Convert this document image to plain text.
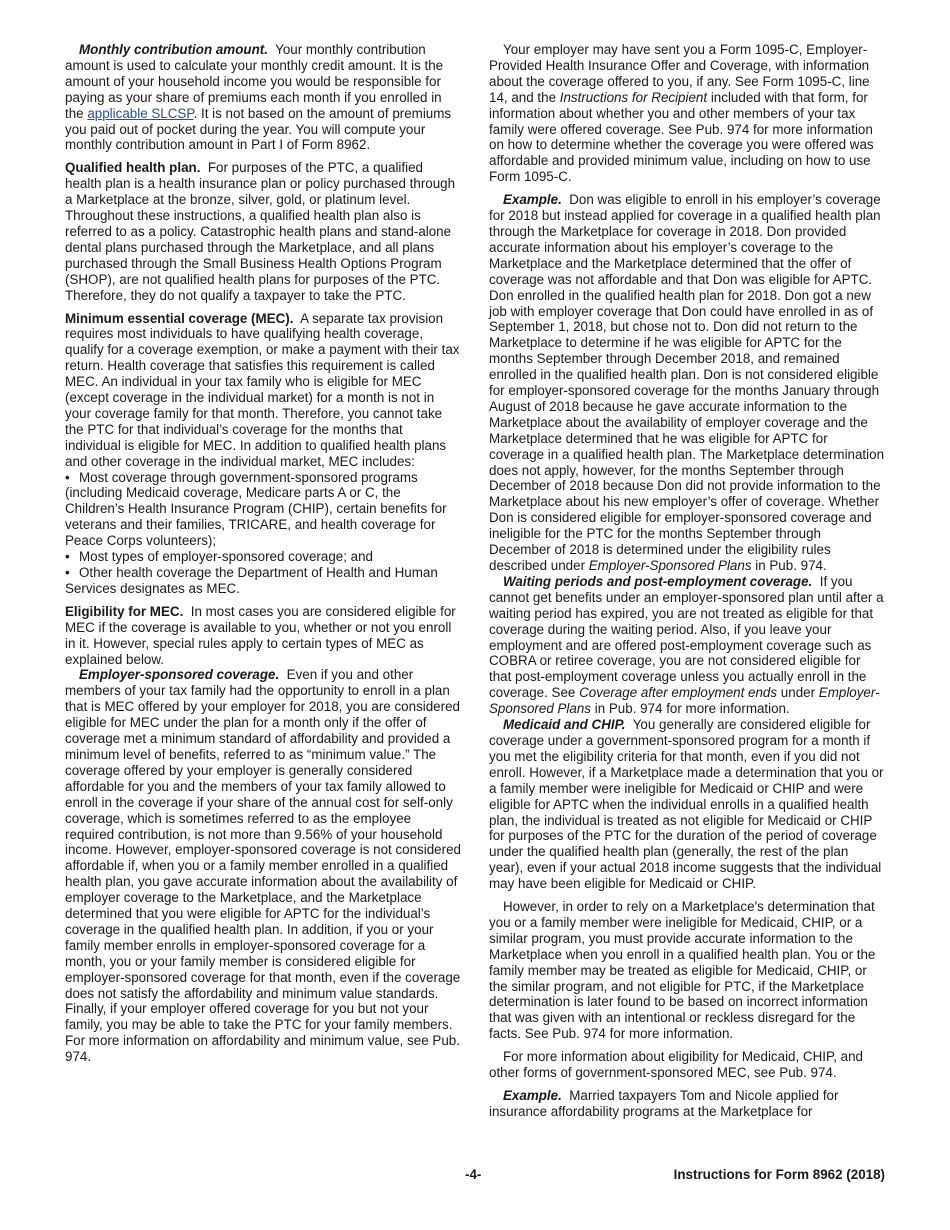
Monthly contribution amount. Your monthly contribution amount is used to calculate your monthly credit amount. It is the amount of your household income you would be responsible for paying as your share of premiums each month if you enrolled in the applicable SLCSP. It is not based on the amount of premiums you paid out of pocket during the year. You will compute your monthly contribution amount in Part I of Form 8962.

Qualified health plan. For purposes of the PTC, a qualified health plan is a health insurance plan or policy purchased through a Marketplace at the bronze, silver, gold, or platinum level. Throughout these instructions, a qualified health plan also is referred to as a policy. Catastrophic health plans and stand-alone dental plans purchased through the Marketplace, and all plans purchased through the Small Business Health Options Program (SHOP), are not qualified health plans for purposes of the PTC. Therefore, they do not qualify a taxpayer to take the PTC.

Minimum essential coverage (MEC). A separate tax provision requires most individuals to have qualifying health coverage, qualify for a coverage exemption, or make a payment with their tax return. Health coverage that satisfies this requirement is called MEC. An individual in your tax family who is eligible for MEC (except coverage in the individual market) for a month is not in your coverage family for that month. Therefore, you cannot take the PTC for that individual’s coverage for the months that individual is eligible for MEC. In addition to qualified health plans and other coverage in the individual market, MEC includes:

• Most coverage through government-sponsored programs (including Medicaid coverage, Medicare parts A or C, the Children’s Health Insurance Program (CHIP), certain benefits for veterans and their families, TRICARE, and health coverage for Peace Corps volunteers);
• Most types of employer-sponsored coverage; and
• Other health coverage the Department of Health and Human Services designates as MEC.

Eligibility for MEC. In most cases you are considered eligible for MEC if the coverage is available to you, whether or not you enroll in it. However, special rules apply to certain types of MEC as explained below.

Employer-sponsored coverage. Even if you and other members of your tax family had the opportunity to enroll in a plan that is MEC offered by your employer for 2018, you are considered eligible for MEC under the plan for a month only if the offer of coverage met a minimum standard of affordability and provided a minimum level of benefits, referred to as “minimum value.” The coverage offered by your employer is generally considered affordable for you and the members of your tax family allowed to enroll in the coverage if your share of the annual cost for self-only coverage, which is sometimes referred to as the employee required contribution, is not more than 9.56% of your household income. However, employer-sponsored coverage is not considered affordable if, when you or a family member enrolled in a qualified health plan, you gave accurate information about the availability of employer coverage to the Marketplace, and the Marketplace determined that you were eligible for APTC for the individual’s coverage in the qualified health plan. In addition, if you or your family member enrolls in employer-sponsored coverage for a month, you or your family member is considered eligible for employer-sponsored coverage for that month, even if the coverage does not satisfy the affordability and minimum value standards. Finally, if your employer offered coverage for you but not your family, you may be able to take the PTC for your family members. For more information on affordability and minimum value, see Pub. 974.

Your employer may have sent you a Form 1095-C, Employer-Provided Health Insurance Offer and Coverage, with information about the coverage offered to you, if any. See Form 1095-C, line 14, and the Instructions for Recipient included with that form, for information about whether you and other members of your tax family were offered coverage. See Pub. 974 for more information on how to determine whether the coverage you were offered was affordable and provided minimum value, including on how to use Form 1095-C.

Example. Don was eligible to enroll in his employer’s coverage for 2018 but instead applied for coverage in a qualified health plan through the Marketplace for coverage in 2018. Don provided accurate information about his employer’s coverage to the Marketplace and the Marketplace determined that the offer of coverage was not affordable and that Don was eligible for APTC. Don enrolled in the qualified health plan for 2018. Don got a new job with employer coverage that Don could have enrolled in as of September 1, 2018, but chose not to. Don did not return to the Marketplace to determine if he was eligible for APTC for the months September through December 2018, and remained enrolled in the qualified health plan. Don is not considered eligible for employer-sponsored coverage for the months January through August of 2018 because he gave accurate information to the Marketplace about the availability of employer coverage and the Marketplace determined that he was eligible for APTC for coverage in a qualified health plan. The Marketplace determination does not apply, however, for the months September through December of 2018 because Don did not provide information to the Marketplace about his new employer’s offer of coverage. Whether Don is considered eligible for employer-sponsored coverage and ineligible for the PTC for the months September through December of 2018 is determined under the eligibility rules described under Employer-Sponsored Plans in Pub. 974.

Waiting periods and post-employment coverage. If you cannot get benefits under an employer-sponsored plan until after a waiting period has expired, you are not treated as eligible for that coverage during the waiting period. Also, if you leave your employment and are offered post-employment coverage such as COBRA or retiree coverage, you are not considered eligible for that post-employment coverage unless you actually enroll in the coverage. See Coverage after employment ends under Employer-Sponsored Plans in Pub. 974 for more information.

Medicaid and CHIP. You generally are considered eligible for coverage under a government-sponsored program for a month if you met the eligibility criteria for that month, even if you did not enroll. However, if a Marketplace made a determination that you or a family member were ineligible for Medicaid or CHIP and were eligible for APTC when the individual enrolls in a qualified health plan, the individual is treated as not eligible for Medicaid or CHIP for purposes of the PTC for the duration of the period of coverage under the qualified health plan (generally, the rest of the plan year), even if your actual 2018 income suggests that the individual may have been eligible for Medicaid or CHIP.

However, in order to rely on a Marketplace's determination that you or a family member were ineligible for Medicaid, CHIP, or a similar program, you must provide accurate information to the Marketplace when you enroll in a qualified health plan. You or the family member may be treated as eligible for Medicaid, CHIP, or the similar program, and not eligible for PTC, if the Marketplace determination is later found to be based on incorrect information that was given with an intentional or reckless disregard for the facts. See Pub. 974 for more information.

For more information about eligibility for Medicaid, CHIP, and other forms of government-sponsored MEC, see Pub. 974.

Example. Married taxpayers Tom and Nicole applied for insurance affordability programs at the Marketplace for

-4-	Instructions for Form 8962 (2018)
